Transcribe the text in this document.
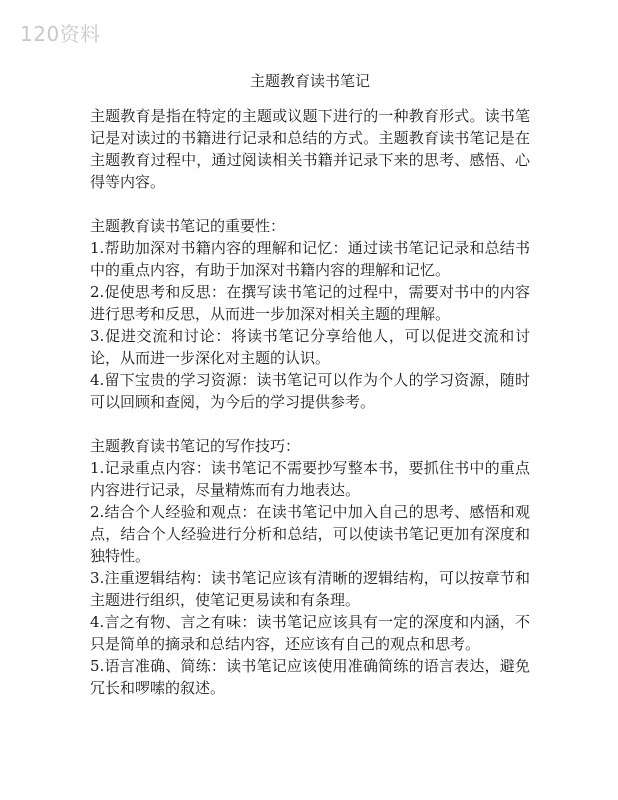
120资料
主题教育读书笔记

主题教育是指在特定的主题或议题下进行的一种教育形式。读书笔记是对读过的书籍进行记录和总结的方式。主题教育读书笔记是在主题教育过程中，通过阅读相关书籍并记录下来的思考、感悟、心得等内容。

主题教育读书笔记的重要性：

1.帮助加深对书籍内容的理解和记忆：通过读书笔记记录和总结书中的重点内容，有助于加深对书籍内容的理解和记忆。

2.促使思考和反思：在撰写读书笔记的过程中，需要对书中的内容进行思考和反思，从而进一步加深对相关主题的理解。

3.促进交流和讨论：将读书笔记分享给他人，可以促进交流和讨论，从而进一步深化对主题的认识。

4.留下宝贵的学习资源：读书笔记可以作为个人的学习资源，随时可以回顾和查阅，为今后的学习提供参考。

主题教育读书笔记的写作技巧：

1.记录重点内容：读书笔记不需要抄写整本书，要抓住书中的重点内容进行记录，尽量精炼而有力地表达。

2.结合个人经验和观点：在读书笔记中加入自己的思考、感悟和观点，结合个人经验进行分析和总结，可以使读书笔记更加有深度和独特性。

3.注重逻辑结构：读书笔记应该有清晰的逻辑结构，可以按章节和主题进行组织，使笔记更易读和有条理。

4.言之有物、言之有味：读书笔记应该具有一定的深度和内涵，不只是简单的摘录和总结内容，还应该有自己的观点和思考。

5.语言准确、简练：读书笔记应该使用准确简练的语言表达，避免冗长和啰嗦的叙述。
